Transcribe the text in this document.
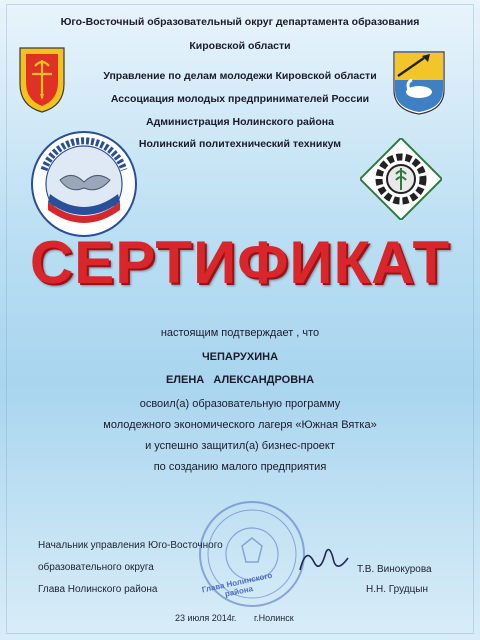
Юго-Восточный образовательный округ департамента образования
Кировской области
Управление по делам молодежи Кировской области
Ассоциация молодых предпринимателей России
Администрация Нолинского района
Нолинский политехнический техникум
СЕРТИФИКАТ
настоящим подтверждает , что
ЧЕПАРУХИНА
ЕЛЕНА   АЛЕКСАНДРОВНА
освоил(а) образовательную программу
молодежного экономического лагеря «Южная Вятка»
и успешно защитил(а) бизнес-проект
по созданию малого предприятия
Глава Нолинского района
Начальник управления Юго-Восточного
образовательного округа
Глава Нолинского района
Т.В. Винокурова
Н.Н. Грудцын
23 июля 2014г. г.Нолинск
